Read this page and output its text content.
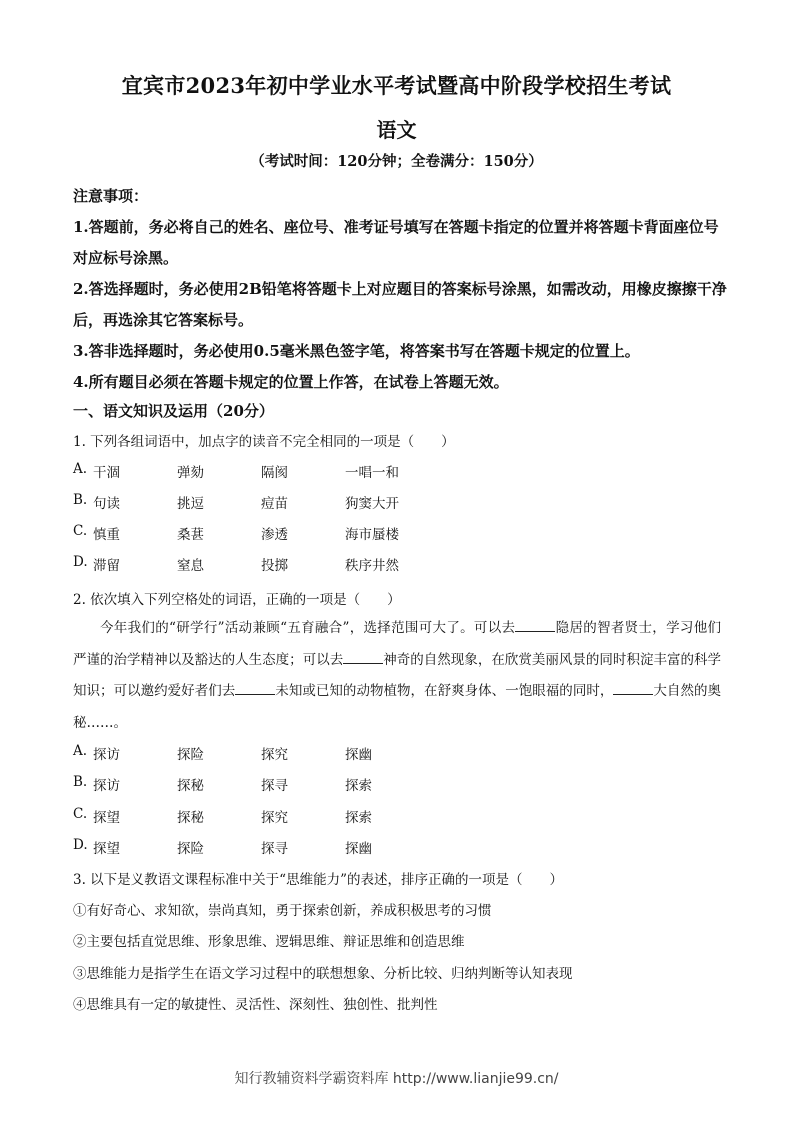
宜宾市2023年初中学业水平考试暨高中阶段学校招生考试
语文
（考试时间：120分钟；全卷满分：150分）

注意事项：

1.答题前，务必将自己的姓名、座位号、准考证号填写在答题卡指定的位置并将答题卡背面座位号对应标号涂黑。

2.答选择题时，务必使用2B铅笔将答题卡上对应题目的答案标号涂黑，如需改动，用橡皮擦擦干净后，再选涂其它答案标号。

3.答非选择题时，务必使用0.5毫米黑色签字笔，将答案书写在答题卡规定的位置上。

4.所有题目必须在答题卡规定的位置上作答，在试卷上答题无效。

一、语文知识及运用（20分）
1. 下列各组词语中，加点字的读音不完全相同的一项是（　　）
A. 干涸	弹劾	隔阂	一唱一和
B. 句读	挑逗	痘苗	狗窦大开
C. 慎重	桑葚	渗透	海市蜃楼
D. 滞留	窒息	投掷	秩序井然
2. 依次填入下列空格处的词语，正确的一项是（　　）
今年我们的“研学行”活动兼顾“五育融合”，选择范围可大了。可以去	隐居的智者贤士，学习他们严谨的治学精神以及豁达的人生态度；可以去	神奇的自然现象，在欣赏美丽风景的同时积淀丰富的科学知识；可以邀约爱好者们去	未知或已知的动物植物，在舒爽身体、一饱眼福的同时，	大自然的奥秘……。
A. 探访	探险	探究	探幽
B. 探访	探秘	探寻	探索
C. 探望	探秘	探究	探索
D. 探望	探险	探寻	探幽
3. 以下是义教语文课程标准中关于“思维能力”的表述，排序正确的一项是（　　）
①有好奇心、求知欲，崇尚真知，勇于探索创新，养成积极思考的习惯
②主要包括直觉思维、形象思维、逻辑思维、辩证思维和创造思维
③思维能力是指学生在语文学习过程中的联想想象、分析比较、归纳判断等认知表现
④思维具有一定的敏捷性、灵活性、深刻性、独创性、批判性
知行教辅资料学霸资料库 http://www.lianjie99.cn/
